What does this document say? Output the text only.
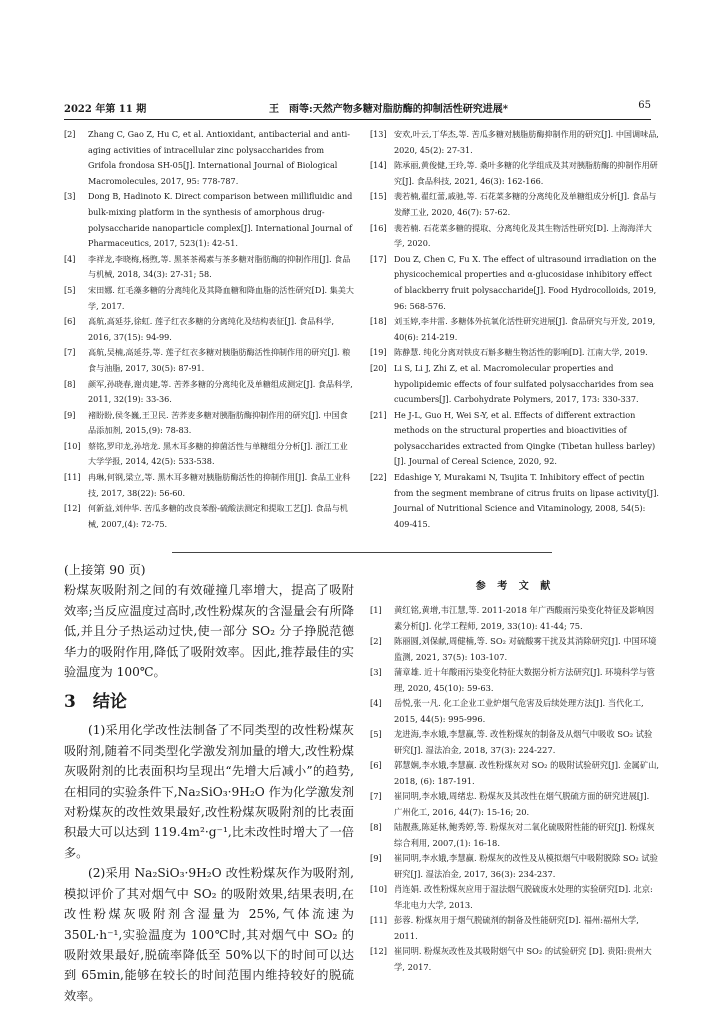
2022 年第 11 期	王　雨等:天然产物多糖对脂肪酶的抑制活性研究进展*	65
[2]	Zhang C, Gao Z, Hu C, et al. Antioxidant, antibacterial and anti-aging activities of intracellular zinc polysaccharides from Grifola frondosa SH-05[J]. International Journal of Biological Macromolecules, 2017, 95: 778-787.
[3]	Dong B, Hadinoto K. Direct comparison between millifluidic and bulk-mixing platform in the synthesis of amorphous drug-polysaccharide nanoparticle complex[J]. International Journal of Pharmaceutics, 2017, 523(1): 42-51.
[4]	李祥龙,李晓梅,杨煦,等. 黑茶茶褐素与茶多糖对脂肪酶的抑制作用[J]. 食品与机械, 2018, 34(3): 27-31; 58.
[5]	宋田娜. 红毛藻多糖的分离纯化及其降血糖和降血脂的活性研究[D]. 集美大学, 2017.
[6]	高航,高延芬,徐虹. 莲子红衣多糖的分离纯化及结构表征[J]. 食品科学, 2016, 37(15): 94-99.
[7]	高航,吴楠,高延芬,等. 莲子红衣多糖对胰脂肪酶活性抑制作用的研究[J]. 粮食与油脂, 2017, 30(5): 87-91.
[8]	颜军,孙晓春,谢贞建,等. 苦荞多糖的分离纯化及单糖组成测定[J]. 食品科学, 2011, 32(19): 33-36.
[9]	褚盼盼,侯冬巍,王卫民. 苦荞麦多糖对胰脂肪酶抑制作用的研究[J]. 中国食品添加剂, 2015,(9): 78-83.
[10] 蔡铭,罗印龙,孙培龙. 黑木耳多糖的抑菌活性与单糖组分分析[J]. 浙江工业大学学报, 2014, 42(5): 533-538.
[11] 冉琳,何钢,梁立,等. 黑木耳多糖对胰脂肪酶活性的抑制作用[J]. 食品工业科技, 2017, 38(22): 56-60.
[12] 何新益,刘仲华. 苦瓜多糖的改良苯酚-硫酸法测定和提取工艺[J]. 食品与机械, 2007,(4): 72-75.
[13] 安欢,叶云,丁华杰,等. 苦瓜多糖对胰脂肪酶抑制作用的研究[J]. 中国调味品, 2020, 45(2): 27-31.
[14] 陈承丽,黄俊健,王玲,等. 桑叶多糖的化学组成及其对胰脂肪酶的抑制作用研究[J]. 食品科技, 2021, 46(3): 162-166.
[15] 裴若楠,翟红蕾,戚驰,等. 石花菜多糖的分离纯化及单糖组成分析[J]. 食品与发酵工业, 2020, 46(7): 57-62.
[16] 裴若楠. 石花菜多糖的提取、分离纯化及其生物活性研究[D]. 上海海洋大学, 2020.
[17] Dou Z, Chen C, Fu X. The effect of ultrasound irradiation on the physicochemical properties and α-glucosidase inhibitory effect of blackberry fruit polysaccharide[J]. Food Hydrocolloids, 2019, 96: 568-576.
[18] 刘玉婷,李井雷. 多糖体外抗氧化活性研究进展[J]. 食品研究与开发, 2019, 40(6): 214-219.
[19] 陈静慧. 纯化分离对铁皮石斛多糖生物活性的影响[D]. 江南大学, 2019.
[20] Li S, Li J, Zhi Z, et al. Macromolecular properties and hypolipidemic effects of four sulfated polysaccharides from sea cucumbers[J]. Carbohydrate Polymers, 2017, 173: 330-337.
[21] He J-L, Guo H, Wei S-Y, et al. Effects of different extraction methods on the structural properties and bioactivities of polysaccharides extracted from Qingke (Tibetan hulless barley) [J]. Journal of Cereal Science, 2020, 92.
[22] Edashige Y, Murakami N, Tsujita T. Inhibitory effect of pectin from the segment membrane of citrus fruits on lipase activity[J]. Journal of Nutritional Science and Vitaminology, 2008, 54(5): 409-415.

(上接第 90 页)

粉煤灰吸附剂之间的有效碰撞几率增大，提高了吸附效率;当反应温度过高时,改性粉煤灰的含湿量会有所降低,并且分子热运动过快,使一部分 SO₂ 分子挣脱范德华力的吸附作用,降低了吸附效率。因此,推荐最佳的实验温度为 100℃。

3　结论

(1)采用化学改性法制备了不同类型的改性粉煤灰吸附剂,随着不同类型化学激发剂加量的增大,改性粉煤灰吸附剂的比表面积均呈现出“先增大后减小”的趋势,在相同的实验条件下,Na₂SiO₃·9H₂O 作为化学激发剂对粉煤灰的改性效果最好,改性粉煤灰吸附剂的比表面积最大可以达到 119.4m²·g⁻¹,比未改性时增大了一倍多。

(2)采用 Na₂SiO₃·9H₂O 改性粉煤灰作为吸附剂,模拟评价了其对烟气中 SO₂ 的吸附效果,结果表明,在改性粉煤灰吸附剂含湿量为 25%,气体流速为 350L·h⁻¹,实验温度为 100℃时,其对烟气中 SO₂ 的吸附效果最好,脱硫率降低至 50%以下的时间可以达到 65min,能够在较长的时间范围内维持较好的脱硫效率。

参 考 文 献
[1]	黄红铭,黄增,韦江慧,等. 2011-2018 年广西酸雨污染变化特征及影响因素分析[J]. 化学工程师, 2019, 33(10): 41-44; 75.
[2]	陈丽圆,刘保献,周健楠,等. SO₂ 对硫酸雾干扰及其消除研究[J]. 中国环境监测, 2021, 37(5): 103-107.
[3]	蒲章雄. 近十年酸雨污染变化特征大数据分析方法研究[J]. 环境科学与管理, 2020, 45(10): 59-63.
[4]	岳悦,张一凡. 化工企业工业炉烟气危害及后续处理方法[J]. 当代化工, 2015, 44(5): 995-996.
[5]	龙进海,李水娥,李慧赢,等. 改性粉煤灰的制备及从烟气中吸收 SO₂ 试验研究[J]. 湿法冶金, 2018, 37(3): 224-227.
[6]	郭慧娴,李水娥,李慧赢. 改性粉煤灰对 SO₂ 的吸附试验研究[J]. 金属矿山, 2018, (6): 187-191.
[7]	崔同明,李水娥,周绪忠. 粉煤灰及其改性在烟气脱硫方面的研究进展[J]. 广州化工, 2016, 44(7): 15-16; 20.
[8]	陆靓燕,陈延林,鲍秀婷,等. 粉煤灰对二氧化硫吸附性能的研究[J]. 粉煤灰综合利用, 2007,(1): 16-18.
[9]	崔同明,李水娥,李慧赢. 粉煤灰的改性及从模拟烟气中吸附脱除 SO₂ 试验研究[J]. 湿法冶金, 2017, 36(3): 234-237.
[10] 肖连娟. 改性粉煤灰应用于湿法烟气脱硫废水处理的实验研究[D]. 北京:华北电力大学, 2013.
[11] 彭蓉. 粉煤灰用于烟气脱硫剂的制备及性能研究[D]. 福州:福州大学, 2011.
[12] 崔同明. 粉煤灰改性及其吸附烟气中 SO₂ 的试验研究 [D]. 贵阳:贵州大学, 2017.
